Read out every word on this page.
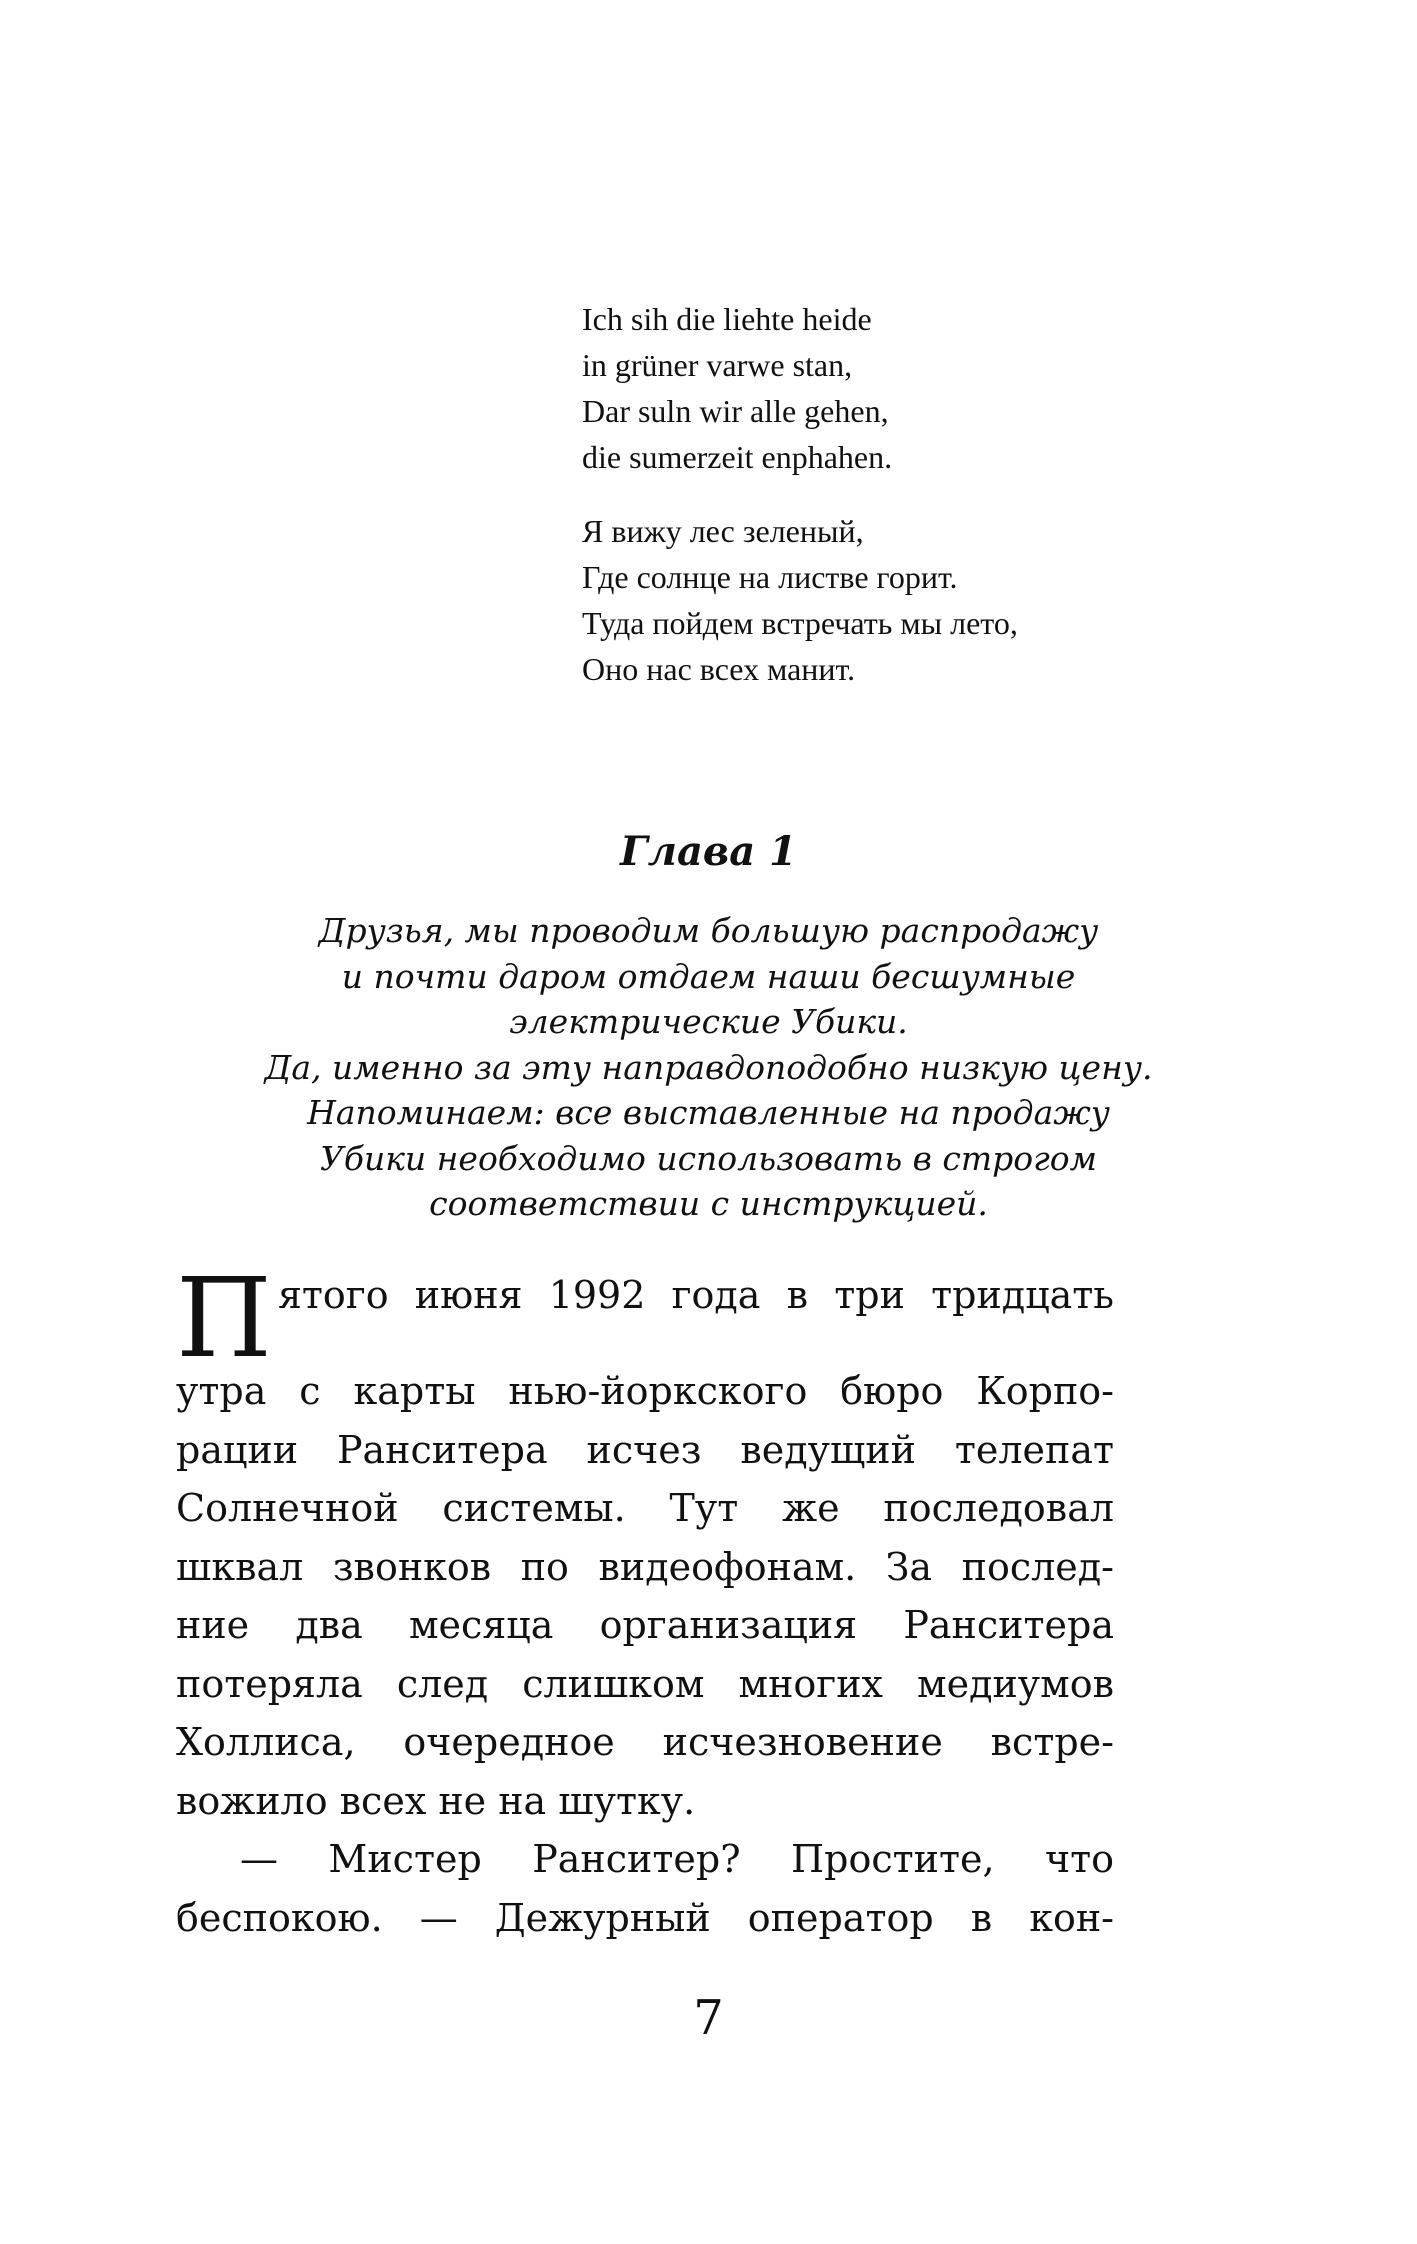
Ich sih die liehte heide
in grüner varwe stan,
Dar suln wir alle gehen,
die sumerzeit enphahen.
Я вижу лес зеленый,
Где солнце на листве горит.
Туда пойдем встречать мы лето,
Оно нас всех манит.
Глава 1
Друзья, мы проводим большую распродажу
и почти даром отдаем наши бесшумные
электрические Убики.
Да, именно за эту направдоподобно низкую цену.
Напоминаем: все выставленные на продажу
Убики необходимо использовать в строгом
соответствии с инструкцией.
П ятого июня 1992 года в три тридцать
утра с карты нью-йоркского бюро Корпо-
рации Ранситера исчез ведущий телепат
Солнечной системы. Тут же последовал
шквал звонков по видеофонам. За послед-
ние два месяца организация Ранситера
потеряла след слишком многих медиумов
Холлиса, очередное исчезновение встре-
вожило всех не на шутку.
— Мистер Ранситер? Простите, что
беспокою. — Дежурный оператор в кон-
7
